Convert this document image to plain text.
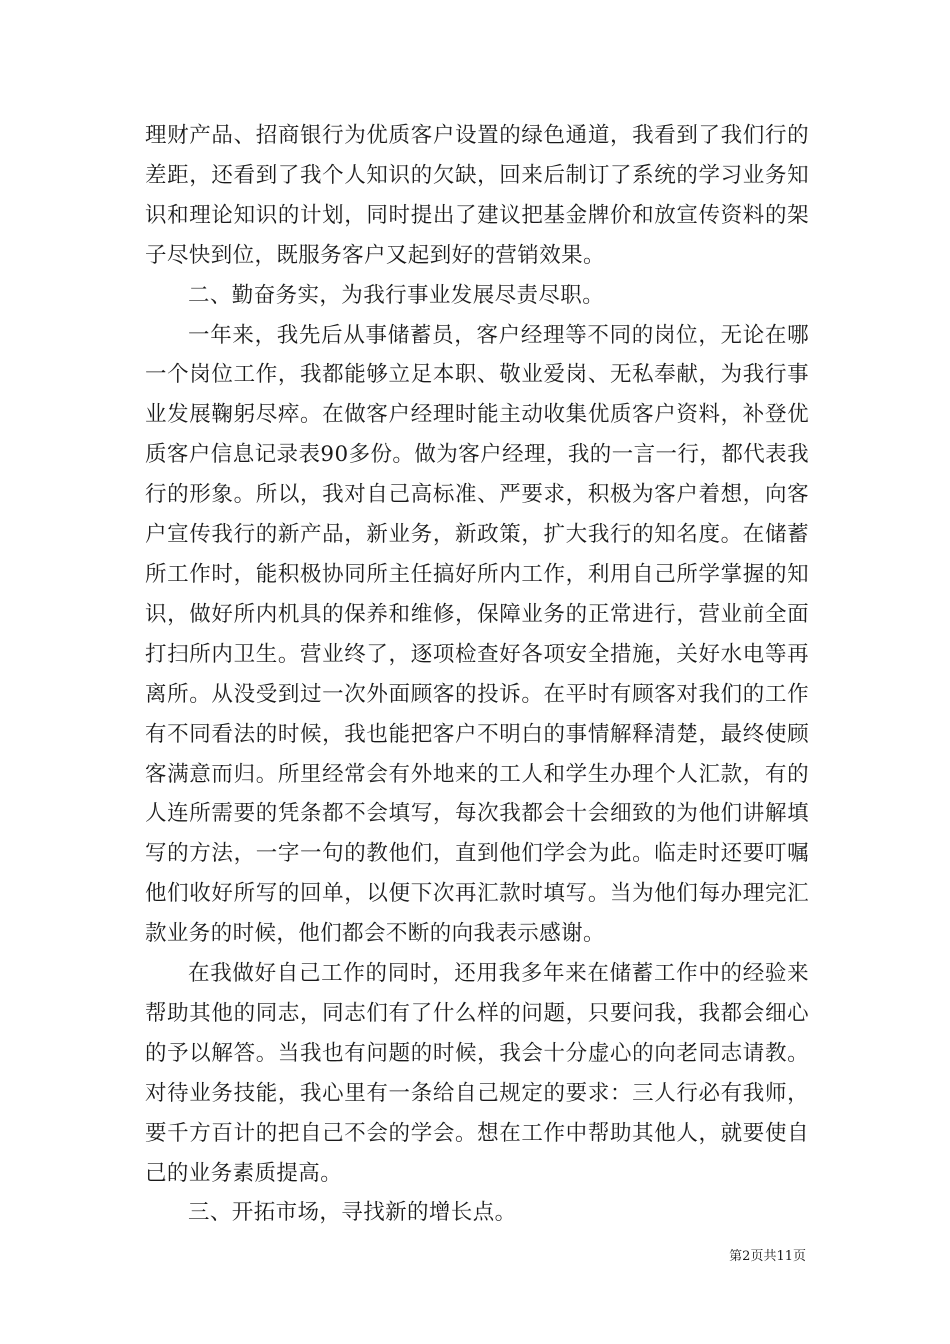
理财产品、招商银行为优质客户设置的绿色通道，我看到了我们行的差距，还看到了我个人知识的欠缺，回来后制订了系统的学习业务知识和理论知识的计划，同时提出了建议把基金牌价和放宣传资料的架子尽快到位，既服务客户又起到好的营销效果。

二、勤奋务实，为我行事业发展尽责尽职。

一年来，我先后从事储蓄员，客户经理等不同的岗位，无论在哪一个岗位工作，我都能够立足本职、敬业爱岗、无私奉献，为我行事业发展鞠躬尽瘁。在做客户经理时能主动收集优质客户资料，补登优质客户信息记录表90多份。做为客户经理，我的一言一行，都代表我行的形象。所以，我对自己高标准、严要求，积极为客户着想，向客户宣传我行的新产品，新业务，新政策，扩大我行的知名度。在储蓄所工作时，能积极协同所主任搞好所内工作，利用自己所学掌握的知识，做好所内机具的保养和维修，保障业务的正常进行，营业前全面打扫所内卫生。营业终了，逐项检查好各项安全措施，关好水电等再离所。从没受到过一次外面顾客的投诉。在平时有顾客对我们的工作有不同看法的时候，我也能把客户不明白的事情解释清楚，最终使顾客满意而归。所里经常会有外地来的工人和学生办理个人汇款，有的人连所需要的凭条都不会填写，每次我都会十会细致的为他们讲解填写的方法，一字一句的教他们，直到他们学会为此。临走时还要叮嘱他们收好所写的回单，以便下次再汇款时填写。当为他们每办理完汇款业务的时候，他们都会不断的向我表示感谢。

在我做好自己工作的同时，还用我多年来在储蓄工作中的经验来帮助其他的同志，同志们有了什么样的问题，只要问我，我都会细心的予以解答。当我也有问题的时候，我会十分虚心的向老同志请教。对待业务技能，我心里有一条给自己规定的要求：三人行必有我师，要千方百计的把自己不会的学会。想在工作中帮助其他人，就要使自己的业务素质提高。

三、开拓市场，寻找新的增长点。

第2页共11页
